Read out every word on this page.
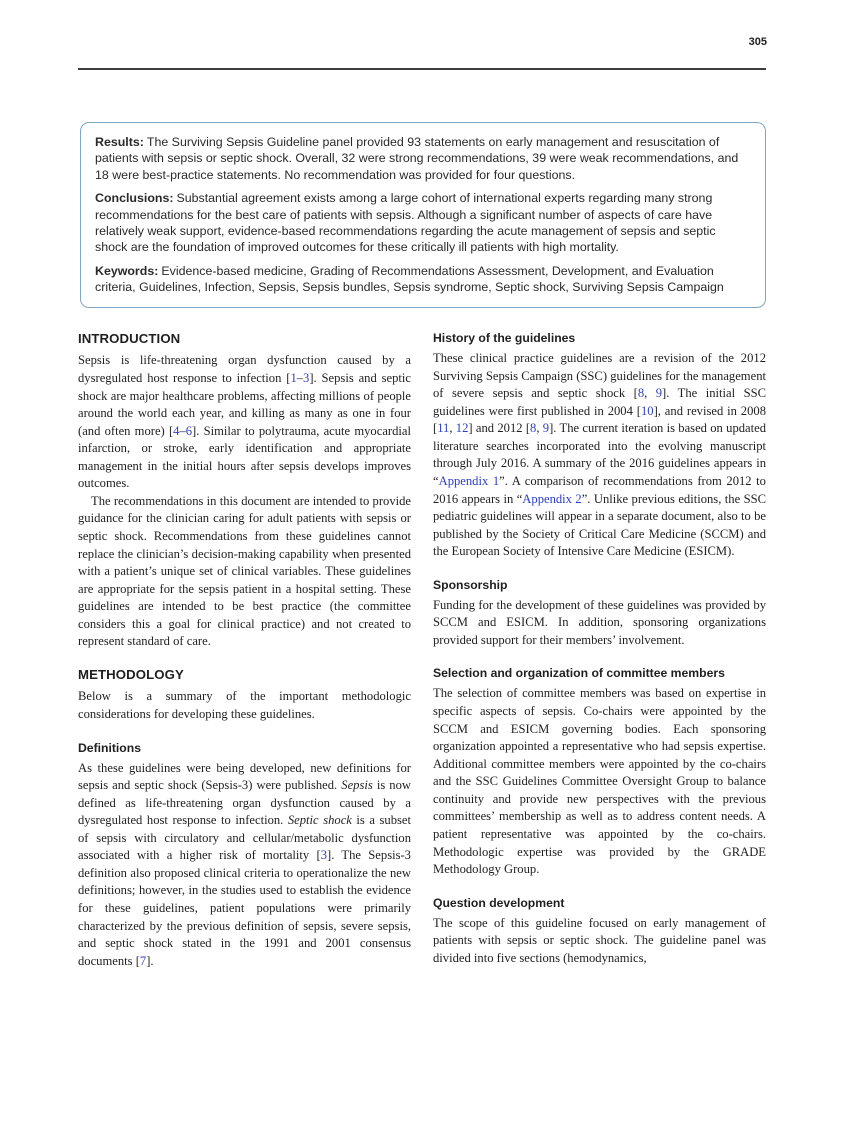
305

Results: The Surviving Sepsis Guideline panel provided 93 statements on early management and resuscitation of patients with sepsis or septic shock. Overall, 32 were strong recommendations, 39 were weak recommendations, and 18 were best-practice statements. No recommendation was provided for four questions.

Conclusions: Substantial agreement exists among a large cohort of international experts regarding many strong recommendations for the best care of patients with sepsis. Although a significant number of aspects of care have relatively weak support, evidence-based recommendations regarding the acute management of sepsis and septic shock are the foundation of improved outcomes for these critically ill patients with high mortality.

Keywords: Evidence-based medicine, Grading of Recommendations Assessment, Development, and Evaluation criteria, Guidelines, Infection, Sepsis, Sepsis bundles, Sepsis syndrome, Septic shock, Surviving Sepsis Campaign

INTRODUCTION

Sepsis is life-threatening organ dysfunction caused by a dysregulated host response to infection [1–3]. Sepsis and septic shock are major healthcare problems, affecting millions of people around the world each year, and killing as many as one in four (and often more) [4–6]. Similar to polytrauma, acute myocardial infarction, or stroke, early identification and appropriate management in the initial hours after sepsis develops improves outcomes.

The recommendations in this document are intended to provide guidance for the clinician caring for adult patients with sepsis or septic shock. Recommendations from these guidelines cannot replace the clinician’s decision-making capability when presented with a patient’s unique set of clinical variables. These guidelines are appropriate for the sepsis patient in a hospital setting. These guidelines are intended to be best practice (the committee considers this a goal for clinical practice) and not created to represent standard of care.

METHODOLOGY

Below is a summary of the important methodologic considerations for developing these guidelines.

Definitions

As these guidelines were being developed, new definitions for sepsis and septic shock (Sepsis-3) were published. Sepsis is now defined as life-threatening organ dysfunction caused by a dysregulated host response to infection. Septic shock is a subset of sepsis with circulatory and cellular/metabolic dysfunction associated with a higher risk of mortality [3]. The Sepsis-3 definition also proposed clinical criteria to operationalize the new definitions; however, in the studies used to establish the evidence for these guidelines, patient populations were primarily characterized by the previous definition of sepsis, severe sepsis, and septic shock stated in the 1991 and 2001 consensus documents [7].

History of the guidelines

These clinical practice guidelines are a revision of the 2012 Surviving Sepsis Campaign (SSC) guidelines for the management of severe sepsis and septic shock [8, 9]. The initial SSC guidelines were first published in 2004 [10], and revised in 2008 [11, 12] and 2012 [8, 9]. The current iteration is based on updated literature searches incorporated into the evolving manuscript through July 2016. A summary of the 2016 guidelines appears in “Appendix 1”. A comparison of recommendations from 2012 to 2016 appears in “Appendix 2”. Unlike previous editions, the SSC pediatric guidelines will appear in a separate document, also to be published by the Society of Critical Care Medicine (SCCM) and the European Society of Intensive Care Medicine (ESICM).

Sponsorship

Funding for the development of these guidelines was provided by SCCM and ESICM. In addition, sponsoring organizations provided support for their members’ involvement.

Selection and organization of committee members

The selection of committee members was based on expertise in specific aspects of sepsis. Co-chairs were appointed by the SCCM and ESICM governing bodies. Each sponsoring organization appointed a representative who had sepsis expertise. Additional committee members were appointed by the co-chairs and the SSC Guidelines Committee Oversight Group to balance continuity and provide new perspectives with the previous committees’ membership as well as to address content needs. A patient representative was appointed by the co-chairs. Methodologic expertise was provided by the GRADE Methodology Group.

Question development

The scope of this guideline focused on early management of patients with sepsis or septic shock. The guideline panel was divided into five sections (hemodynamics,
